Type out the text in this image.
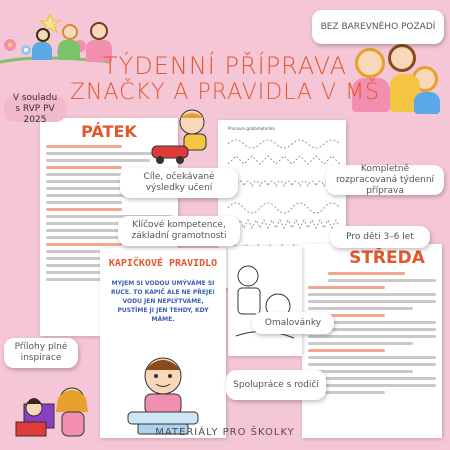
PÁTEK	Pracovní grafomotorika
STŘEDA
KAPIČKOVÉ PRAVIDLO
MYJEM SI VODOU UMÝVÁME SI RUCE. TO KAPIČ ALE NE PŘEJE! VODU JEN NEPLÝTVÁME, PUSTÍME JI JEN TEHDY, KDY MÁME.
TÝDENNÍ PŘÍPRAVA
ZNAČKY A PRAVIDLA V MŠ
BEZ BAREVNÉHO POZADÍ
V souladu s RVP PV 2025
Kompletně rozpracovaná týdenní příprava
Cíle, očekávané výsledky učení
Klíčové kompetence, základní gramotnosti	Pro děti 3–6 let
Omalovánky
Přílohy plné inspirace
Spolupráce s rodiči
MATERIÁLY PRO ŠKOLKY
